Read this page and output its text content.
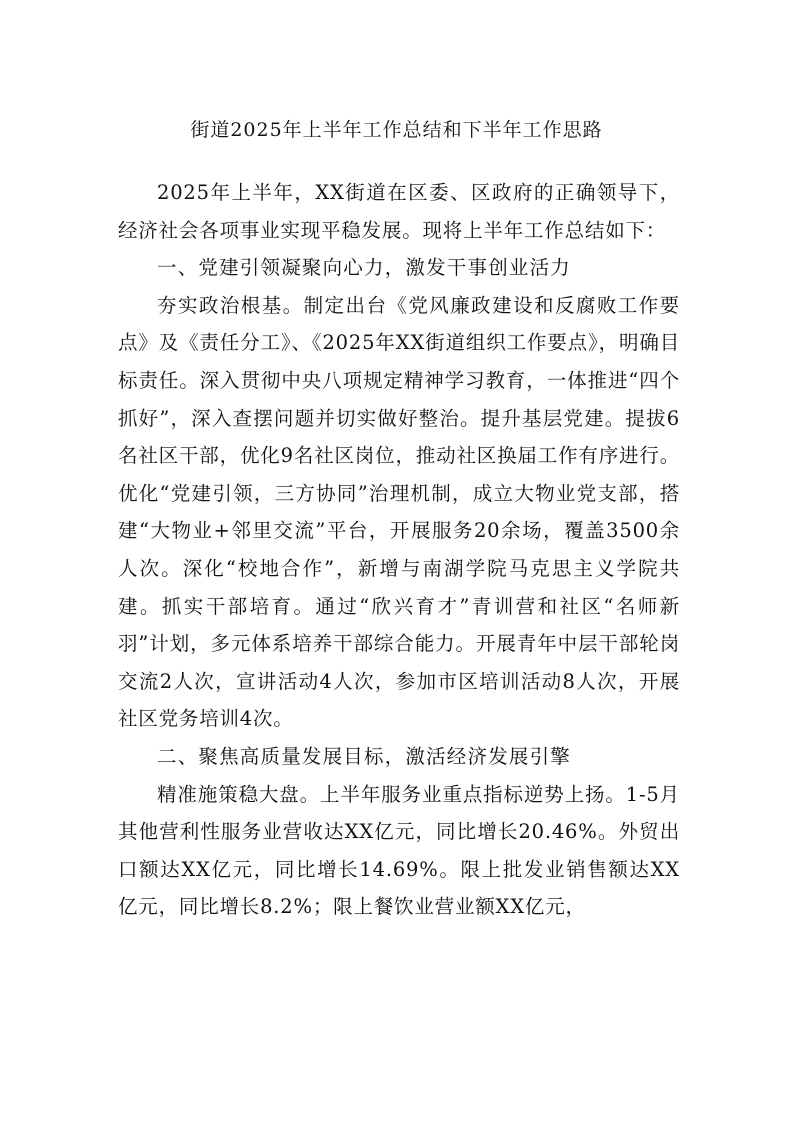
街道2025年上半年工作总结和下半年工作思路

2025年上半年，XX街道在区委、区政府的正确领导下，经济社会各项事业实现平稳发展。现将上半年工作总结如下：

一、党建引领凝聚向心力，激发干事创业活力

夯实政治根基。制定出台《党风廉政建设和反腐败工作要点》及《责任分工》、《2025年XX街道组织工作要点》，明确目标责任。深入贯彻中央八项规定精神学习教育，一体推进“四个抓好”，深入查摆问题并切实做好整治。提升基层党建。提拔6名社区干部，优化9名社区岗位，推动社区换届工作有序进行。优化“党建引领，三方协同”治理机制，成立大物业党支部，搭建“大物业+邻里交流”平台，开展服务20余场，覆盖3500余人次。深化“校地合作”，新增与南湖学院马克思主义学院共建。抓实干部培育。通过“欣兴育才”青训营和社区“名师新羽”计划，多元体系培养干部综合能力。开展青年中层干部轮岗交流2人次，宣讲活动4人次，参加市区培训活动8人次，开展社区党务培训4次。

二、聚焦高质量发展目标，激活经济发展引擎

精准施策稳大盘。上半年服务业重点指标逆势上扬。1-5月其他营利性服务业营收达XX亿元，同比增长20.46%。外贸出口额达XX亿元，同比增长14.69%。限上批发业销售额达XX亿元，同比增长8.2%；限上餐饮业营业额XX亿元，
